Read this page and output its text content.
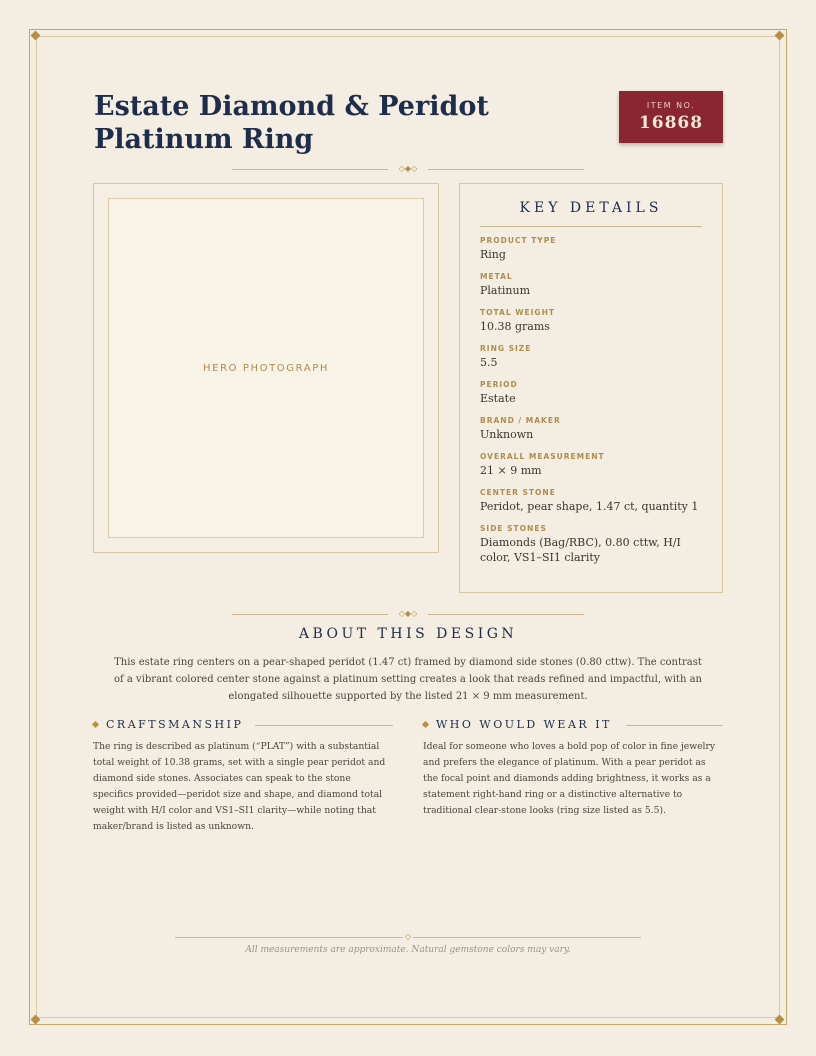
Estate Diamond & Peridot Platinum Ring
ITEM NO.
16868
◇◆◇
HERO PHOTOGRAPH
KEY DETAILS
PRODUCT TYPE
Ring
METAL
Platinum
TOTAL WEIGHT
10.38 grams
RING SIZE
5.5
PERIOD
Estate
BRAND / MAKER
Unknown
OVERALL MEASUREMENT
21 × 9 mm
CENTER STONE
Peridot, pear shape, 1.47 ct, quantity 1
SIDE STONES
Diamonds (Bag/RBC), 0.80 cttw, H/I color, VS1–SI1 clarity
◇◆◇
ABOUT THIS DESIGN

This estate ring centers on a pear-shaped peridot (1.47 ct) framed by diamond side stones (0.80 cttw). The contrast of a vibrant colored center stone against a platinum setting creates a look that reads refined and impactful, with an elongated silhouette supported by the listed 21 × 9 mm measurement.

CRAFTSMANSHIP

The ring is described as platinum (“PLAT”) with a substantial total weight of 10.38 grams, set with a single pear peridot and diamond side stones. Associates can speak to the stone specifics provided—peridot size and shape, and diamond total weight with H/I color and VS1–SI1 clarity—while noting that maker/brand is listed as unknown.

WHO WOULD WEAR IT

Ideal for someone who loves a bold pop of color in fine jewelry and prefers the elegance of platinum. With a pear peridot as the focal point and diamonds adding brightness, it works as a statement right-hand ring or a distinctive alternative to traditional clear-stone looks (ring size listed as 5.5).

◇

All measurements are approximate. Natural gemstone colors may vary.
